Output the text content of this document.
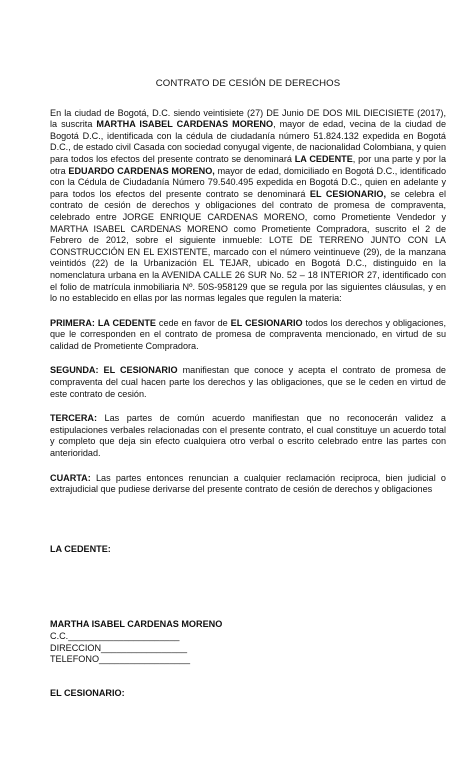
CONTRATO DE CESIÓN DE DERECHOS

En la ciudad de Bogotá, D.C. siendo veintisiete (27) DE Junio DE DOS MIL DIECISIETE (2017), la suscrita MARTHA ISABEL CARDENAS MORENO, mayor de edad, vecina de la ciudad de Bogotá D.C., identificada con la cédula de ciudadanía número 51.824.132 expedida en Bogotá D.C., de estado civil Casada con sociedad conyugal vigente, de nacionalidad Colombiana, y quien para todos los efectos del presente contrato se denominará LA CEDENTE, por una parte y por la otra EDUARDO CARDENAS MORENO, mayor de edad, domiciliado en Bogotá D.C., identificado con la Cédula de Ciudadanía Número 79.540.495 expedida en Bogotá D.C., quien en adelante y para todos los efectos del presente contrato se denominará EL CESIONARIO, se celebra el contrato de cesión de derechos y obligaciones del contrato de promesa de compraventa, celebrado entre JORGE ENRIQUE CARDENAS MORENO, como Prometiente Vendedor y MARTHA ISABEL CARDENAS MORENO como Prometiente Compradora, suscrito el 2 de Febrero de 2012, sobre el siguiente inmueble: LOTE DE TERRENO JUNTO CON LA CONSTRUCCIÓN EN EL EXISTENTE, marcado con el número veintinueve (29), de la manzana veintidós (22) de la Urbanización EL TEJAR, ubicado en Bogotá D.C., distinguido en la nomenclatura urbana en la AVENIDA CALLE 26 SUR No. 52 – 18 INTERIOR 27, identificado con el folio de matrícula inmobiliaria Nº. 50S-958129 que se regula por las siguientes cláusulas, y en lo no establecido en ellas por las normas legales que regulen la materia:

PRIMERA: LA CEDENTE cede en favor de EL CESIONARIO todos los derechos y obligaciones, que le corresponden en el contrato de promesa de compraventa mencionado, en virtud de su calidad de Prometiente Compradora.

SEGUNDA: EL CESIONARIO manifiestan que conoce y acepta el contrato de promesa de compraventa del cual hacen parte los derechos y las obligaciones, que se le ceden en virtud de este contrato de cesión.

TERCERA: Las partes de común acuerdo manifiestan que no reconocerán validez a estipulaciones verbales relacionadas con el presente contrato, el cual constituye un acuerdo total y completo que deja sin efecto cualquiera otro verbal o escrito celebrado entre las partes con anterioridad.

CUARTA: Las partes entonces renuncian a cualquier reclamación reciproca, bien judicial o extrajudicial que pudiese derivarse del presente contrato de cesión de derechos y obligaciones

LA CEDENTE:
MARTHA ISABEL CARDENAS MORENO
C.C.______________________
DIRECCION_________________
TELEFONO__________________
EL CESIONARIO:
